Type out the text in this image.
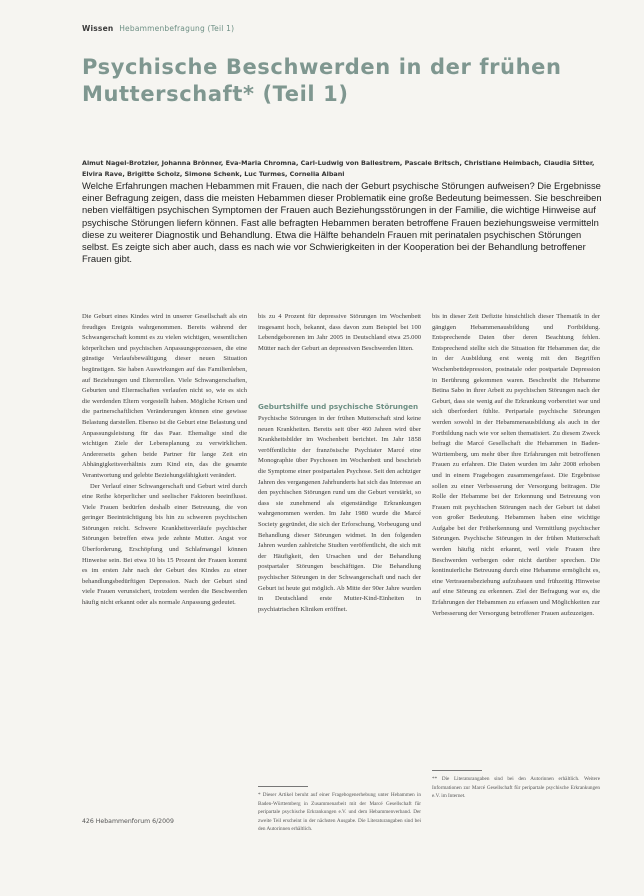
Wissen Hebammenbefragung (Teil 1)
Psychische Beschwerden in der frühen Mutterschaft* (Teil 1)
Almut Nagel-Brotzler, Johanna Brönner, Eva-Maria Chromna, Carl-Ludwig von Ballestrem, Pascale Britsch, Christiane Heimbach, Claudia Sitter, Elvira Rave, Brigitte Scholz, Simone Schenk, Luc Turmes, Cornelia Albani

Welche Erfahrungen machen Hebammen mit Frauen, die nach der Geburt psychische Störungen aufweisen? Die Ergebnisse einer Befragung zeigen, dass die meisten Hebammen dieser Problematik eine große Bedeutung beimessen. Sie beschreiben neben vielfältigen psychischen Symptomen der Frauen auch Beziehungsstörungen in der Familie, die wichtige Hinweise auf psychische Störungen liefern können. Fast alle befragten Hebammen beraten betroffene Frauen beziehungsweise vermitteln diese zu weiterer Diagnostik und Behandlung. Etwa die Hälfte behandeln Frauen mit perinatalen psychischen Störungen selbst. Es zeigte sich aber auch, dass es nach wie vor Schwierigkeiten in der Kooperation bei der Behandlung betroffener Frauen gibt.

Die Geburt eines Kindes wird in unserer Gesellschaft als ein freudiges Ereignis wahrgenommen. Bereits während der Schwangerschaft kommt es zu vielen wichtigen, wesentlichen körperlichen und psychischen Anpassungsprozessen, die eine günstige Verlaufsbewältigung dieser neuen Situation begünstigen. Sie haben Auswirkungen auf das Familienleben, auf Beziehungen und Elternrollen. Viele Schwangerschaften, Geburten und Elternschaften verlaufen nicht so, wie es sich die werdenden Eltern vorgestellt haben. Mögliche Krisen und die partnerschaftlichen Veränderungen können eine gewisse Belastung darstellen. Ebenso ist die Geburt eine Belastung und Anpassungsleistung für das Paar. Ehemalige sind die wichtigen Ziele der Lebensplanung zu verwirklichen. Andererseits gehen beide Partner für lange Zeit ein Abhängigkeitsverhältnis zum Kind ein, das die gesamte Verantwortung und gelebte Beziehungsfähigkeit verändert.

Der Verlauf einer Schwangerschaft und Geburt wird durch eine Reihe körperlicher und seelischer Faktoren beeinflusst. Viele Frauen bedürfen deshalb einer Betreuung, die von geringer Beeinträchtigung bis hin zu schweren psychischen Störungen reicht. Schwere Krankheitsverläufe psychischer Störungen betreffen etwa jede zehnte Mutter. Angst vor Überforderung, Erschöpfung und Schlafmangel können Hinweise sein. Bei etwa 10 bis 15 Prozent der Frauen kommt es im ersten Jahr nach der Geburt des Kindes zu einer behandlungsbedürftigen Depression. Nach der Geburt sind viele Frauen verunsichert, trotzdem werden die Beschwerden häufig nicht erkannt oder als normale Anpassung gedeutet.

bis zu 4 Prozent für depressive Störungen im Wochenbett insgesamt hoch, bekannt, dass davon zum Beispiel bei 100 Lebendgeborenen im Jahr 2005 in Deutschland etwa 25.000 Mütter nach der Geburt an depressiven Beschwerden litten.
Geburtshilfe und psychische Störungen
Psychische Störungen in der frühen Mutterschaft sind keine neuen Krankheiten. Bereits seit über 460 Jahren wird über Krankheitsbilder im Wochenbett berichtet. Im Jahr 1858 veröffentlichte der französische Psychiater Marcé eine Monographie über Psychosen im Wochenbett und beschrieb die Symptome einer postpartalen Psychose. Seit den achtziger Jahren des vergangenen Jahrhunderts hat sich das Interesse an den psychischen Störungen rund um die Geburt verstärkt, so dass sie zunehmend als eigenständige Erkrankungen wahrgenommen werden. Im Jahr 1980 wurde die Marcé Society gegründet, die sich der Erforschung, Vorbeugung und Behandlung dieser Störungen widmet. In den folgenden Jahren wurden zahlreiche Studien veröffentlicht, die sich mit der Häufigkeit, den Ursachen und der Behandlung postpartaler Störungen beschäftigen. Die Behandlung psychischer Störungen in der Schwangerschaft und nach der Geburt ist heute gut möglich. Ab Mitte der 90er Jahre wurden in Deutschland erste Mutter-Kind-Einheiten in psychiatrischen Kliniken eröffnet.
* Dieser Artikel beruht auf einer Fragebogenerhebung unter Hebammen in Baden-Württemberg in Zusammenarbeit mit der Marcé Gesellschaft für peripartale psychische Erkrankungen e.V. und dem Hebammenverband. Der zweite Teil erscheint in der nächsten Ausgabe. Die Literaturangaben sind bei den Autorinnen erhältlich.
bis in dieser Zeit Defizite hinsichtlich dieser Thematik in der gängigen Hebammenausbildung und Fortbildung. Entsprechende Daten über deren Beachtung fehlen. Entsprechend stellte sich die Situation für Hebammen dar, die in der Ausbildung erst wenig mit den Begriffen Wochenbettdepression, postnatale oder postpartale Depression in Berührung gekommen waren. Beschreibt die Hebamme Betina Sabo in ihrer Arbeit zu psychischen Störungen nach der Geburt, dass sie wenig auf die Erkrankung vorbereitet war und sich überfordert fühlte. Peripartale psychische Störungen werden sowohl in der Hebammenausbildung als auch in der Fortbildung nach wie vor selten thematisiert. Zu diesem Zweck befragt die Marcé Gesellschaft die Hebammen in Baden-Württemberg, um mehr über ihre Erfahrungen mit betroffenen Frauen zu erfahren. Die Daten wurden im Jahr 2008 erhoben und in einem Fragebogen zusammengefasst. Die Ergebnisse sollen zu einer Verbesserung der Versorgung beitragen. Die Rolle der Hebamme bei der Erkennung und Betreuung von Frauen mit psychischen Störungen nach der Geburt ist dabei von großer Bedeutung. Hebammen haben eine wichtige Aufgabe bei der Früherkennung und Vermittlung psychischer Störungen. Psychische Störungen in der frühen Mutterschaft werden häufig nicht erkannt, weil viele Frauen ihre Beschwerden verbergen oder nicht darüber sprechen. Die kontinuierliche Betreuung durch eine Hebamme ermöglicht es, eine Vertrauensbeziehung aufzubauen und frühzeitig Hinweise auf eine Störung zu erkennen. Ziel der Befragung war es, die Erfahrungen der Hebammen zu erfassen und Möglichkeiten zur Verbesserung der Versorgung betroffener Frauen aufzuzeigen.
** Die Literaturangaben sind bei den Autorinnen erhältlich. Weitere Informationen zur Marcé Gesellschaft für peripartale psychische Erkrankungen e.V. im Internet.
426 Hebammenforum 6/2009
